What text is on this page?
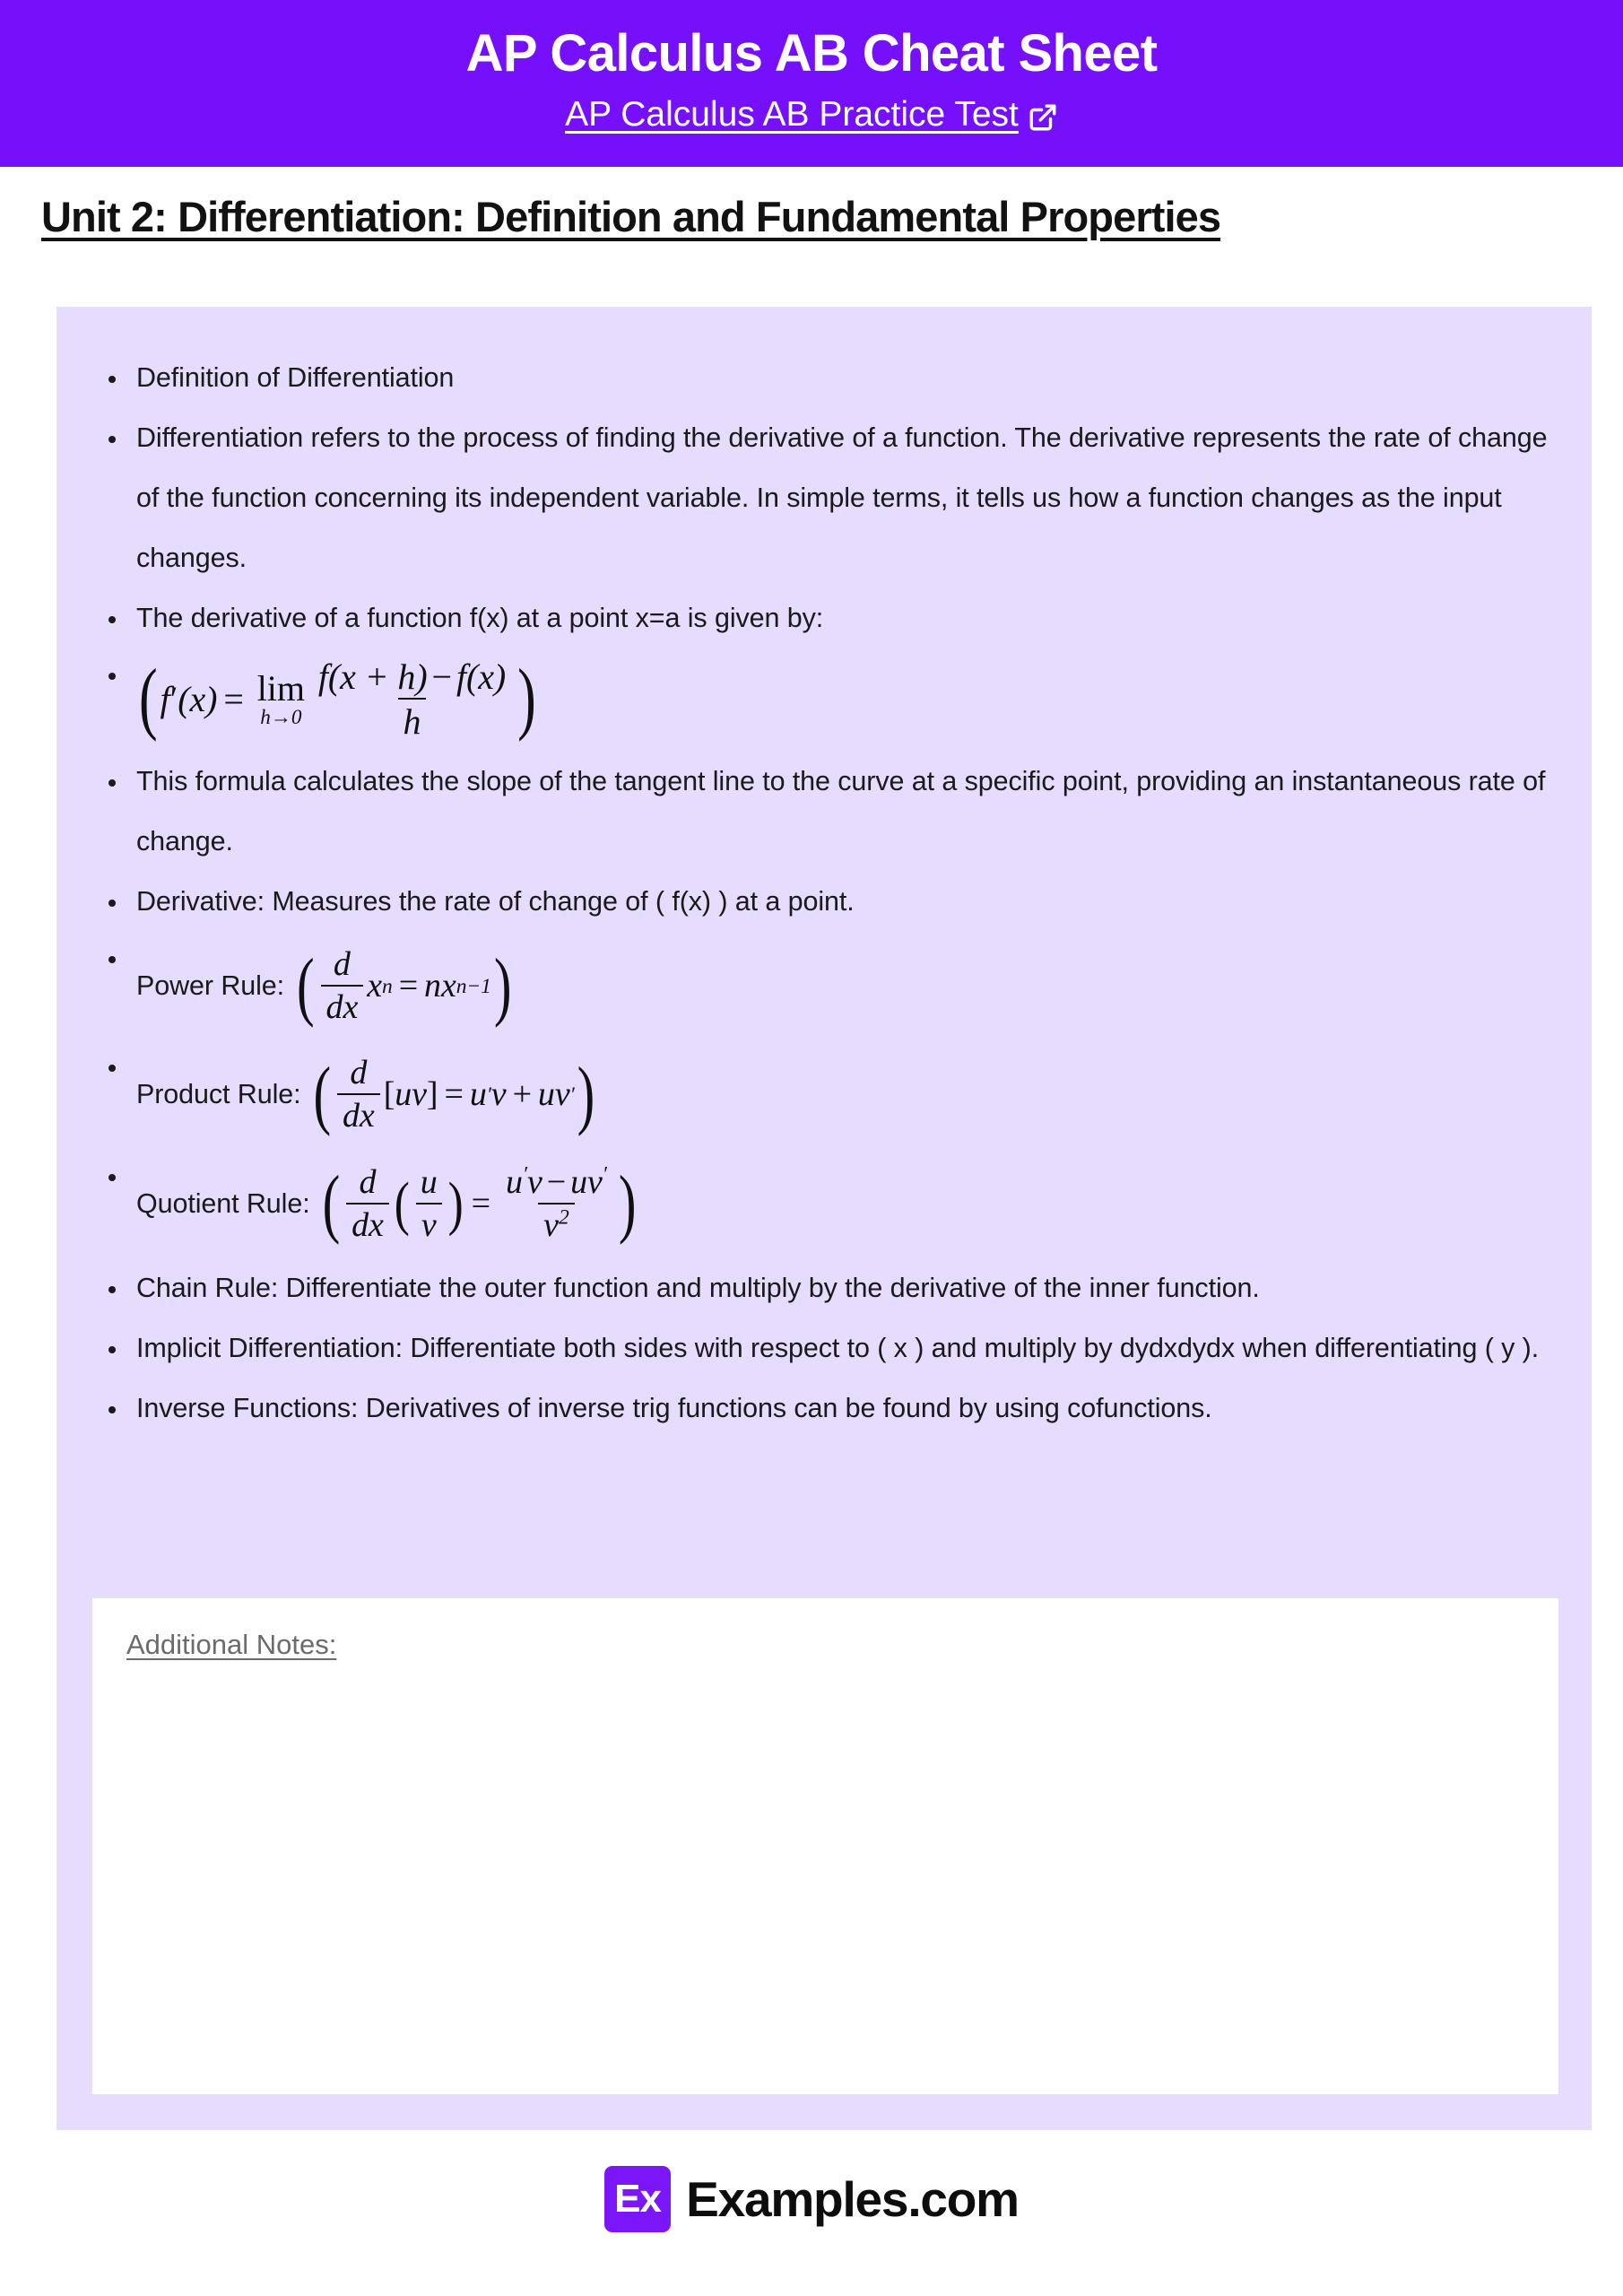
AP Calculus AB Cheat Sheet
AP Calculus AB Practice Test
Unit 2: Differentiation: Definition and Fundamental Properties
Definition of Differentiation
Differentiation refers to the process of finding the derivative of a function. The derivative represents the rate of change of the function concerning its independent variable. In simple terms, it tells us how a function changes as the input changes.
The derivative of a function f(x) at a point x=a is given by:
( f ′ (x) = lim
$h\to 0 \frac{f(x + h) - f(x)}{h}$ )
This formula calculates the slope of the tangent line to the curve at a specific point, providing an instantaneous rate of change.
Derivative: Measures the rate of change of ( f(x) ) at a point.
Power Rule: ( $\frac{d}{dx}$ x n = n x n−1 )
Product Rule: ( $\frac{d}{dx}$ [ uv ] = u ′ v + u v ′ )
Quotient Rule: ( $\frac{d}{dx}$ ( $\frac{u}{v}$ ) = $\frac{u'v - uv'}{v^2}$ )
Chain Rule: Differentiate the outer function and multiply by the derivative of the inner function.
Implicit Differentiation: Differentiate both sides with respect to ( x ) and multiply by dydxdydx when differentiating ( y ).
Inverse Functions: Derivatives of inverse trig functions can be found by using cofunctions.
Additional Notes:
Ex Examples.com
